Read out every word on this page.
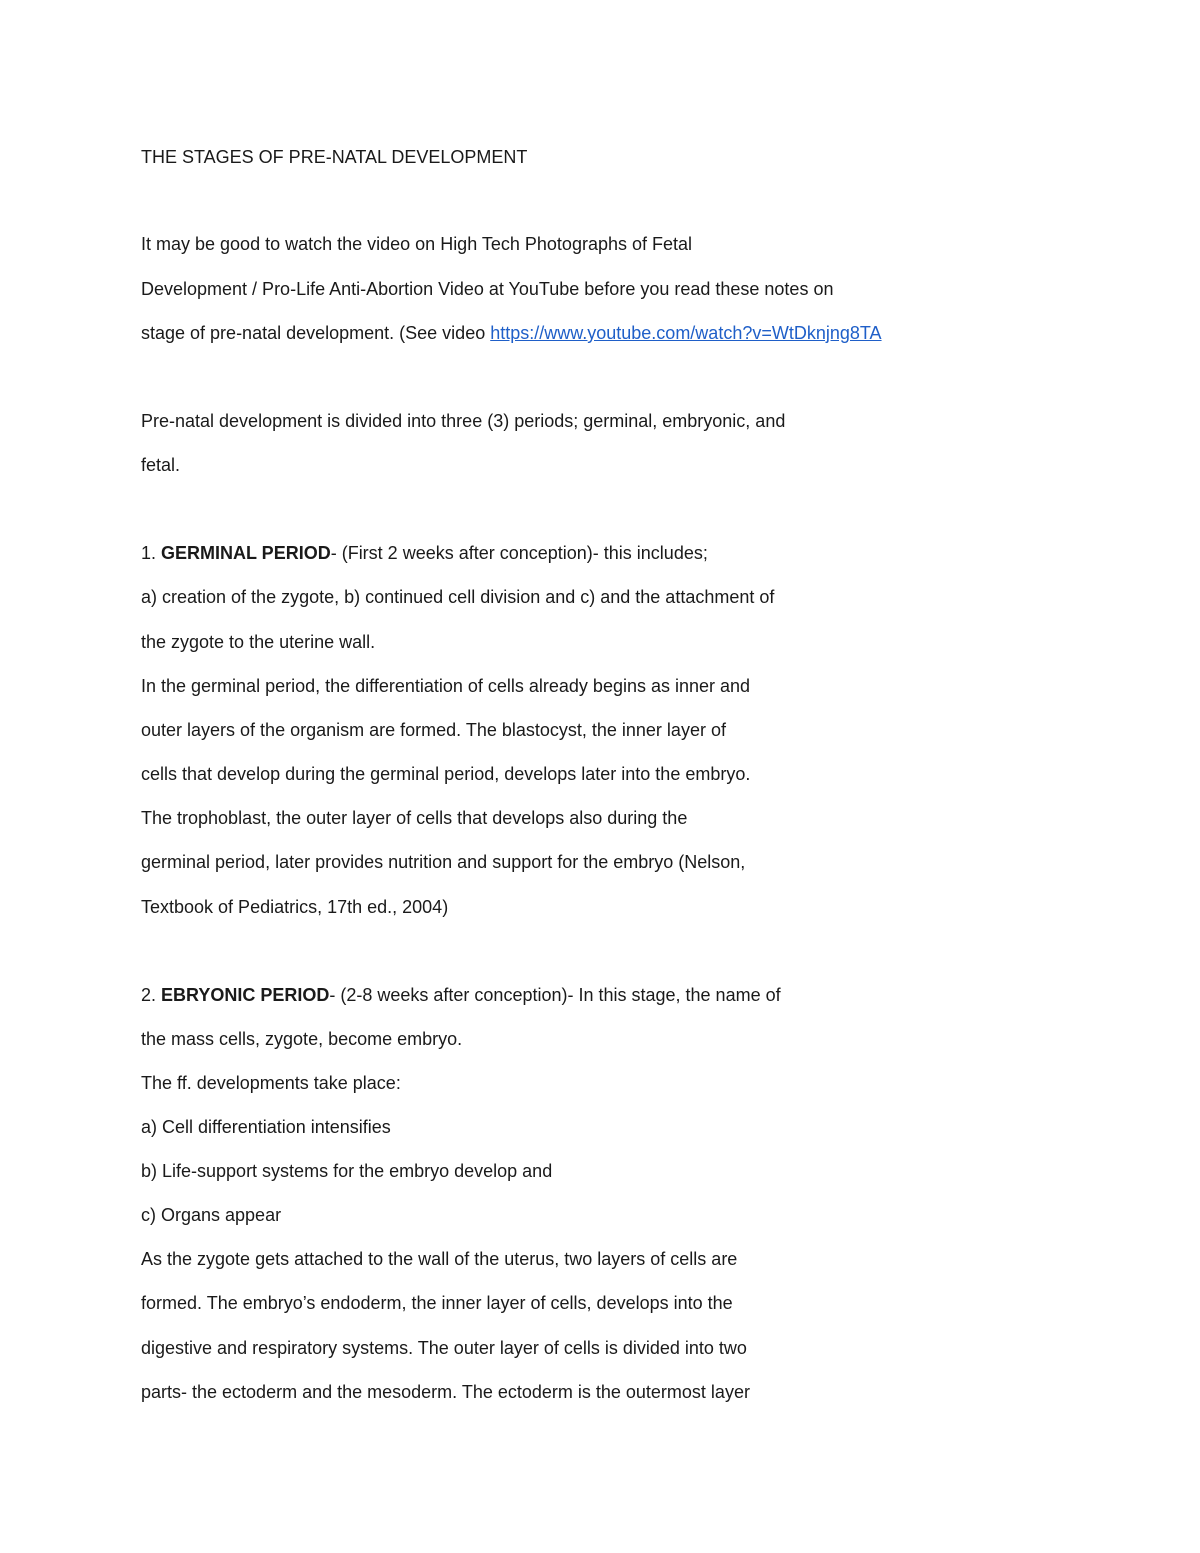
THE STAGES OF PRE-NATAL DEVELOPMENT
It may be good to watch the video on High Tech Photographs of Fetal
Development / Pro-Life Anti-Abortion Video at YouTube before you read these notes on
stage of pre-natal development. (See video https://www.youtube.com/watch?v=WtDknjng8TA
Pre-natal development is divided into three (3) periods; germinal, embryonic, and
fetal.
1. GERMINAL PERIOD- (First 2 weeks after conception)- this includes;
a) creation of the zygote, b) continued cell division and c) and the attachment of
the zygote to the uterine wall.
In the germinal period, the differentiation of cells already begins as inner and
outer layers of the organism are formed. The blastocyst, the inner layer of
cells that develop during the germinal period, develops later into the embryo.
The trophoblast, the outer layer of cells that develops also during the
germinal period, later provides nutrition and support for the embryo (Nelson,
Textbook of Pediatrics, 17th ed., 2004)
2. EBRYONIC PERIOD- (2-8 weeks after conception)- In this stage, the name of
the mass cells, zygote, become embryo.
The ff. developments take place:
a) Cell differentiation intensifies
b) Life-support systems for the embryo develop and
c) Organs appear
As the zygote gets attached to the wall of the uterus, two layers of cells are
formed. The embryo’s endoderm, the inner layer of cells, develops into the
digestive and respiratory systems. The outer layer of cells is divided into two
parts- the ectoderm and the mesoderm. The ectoderm is the outermost layer
